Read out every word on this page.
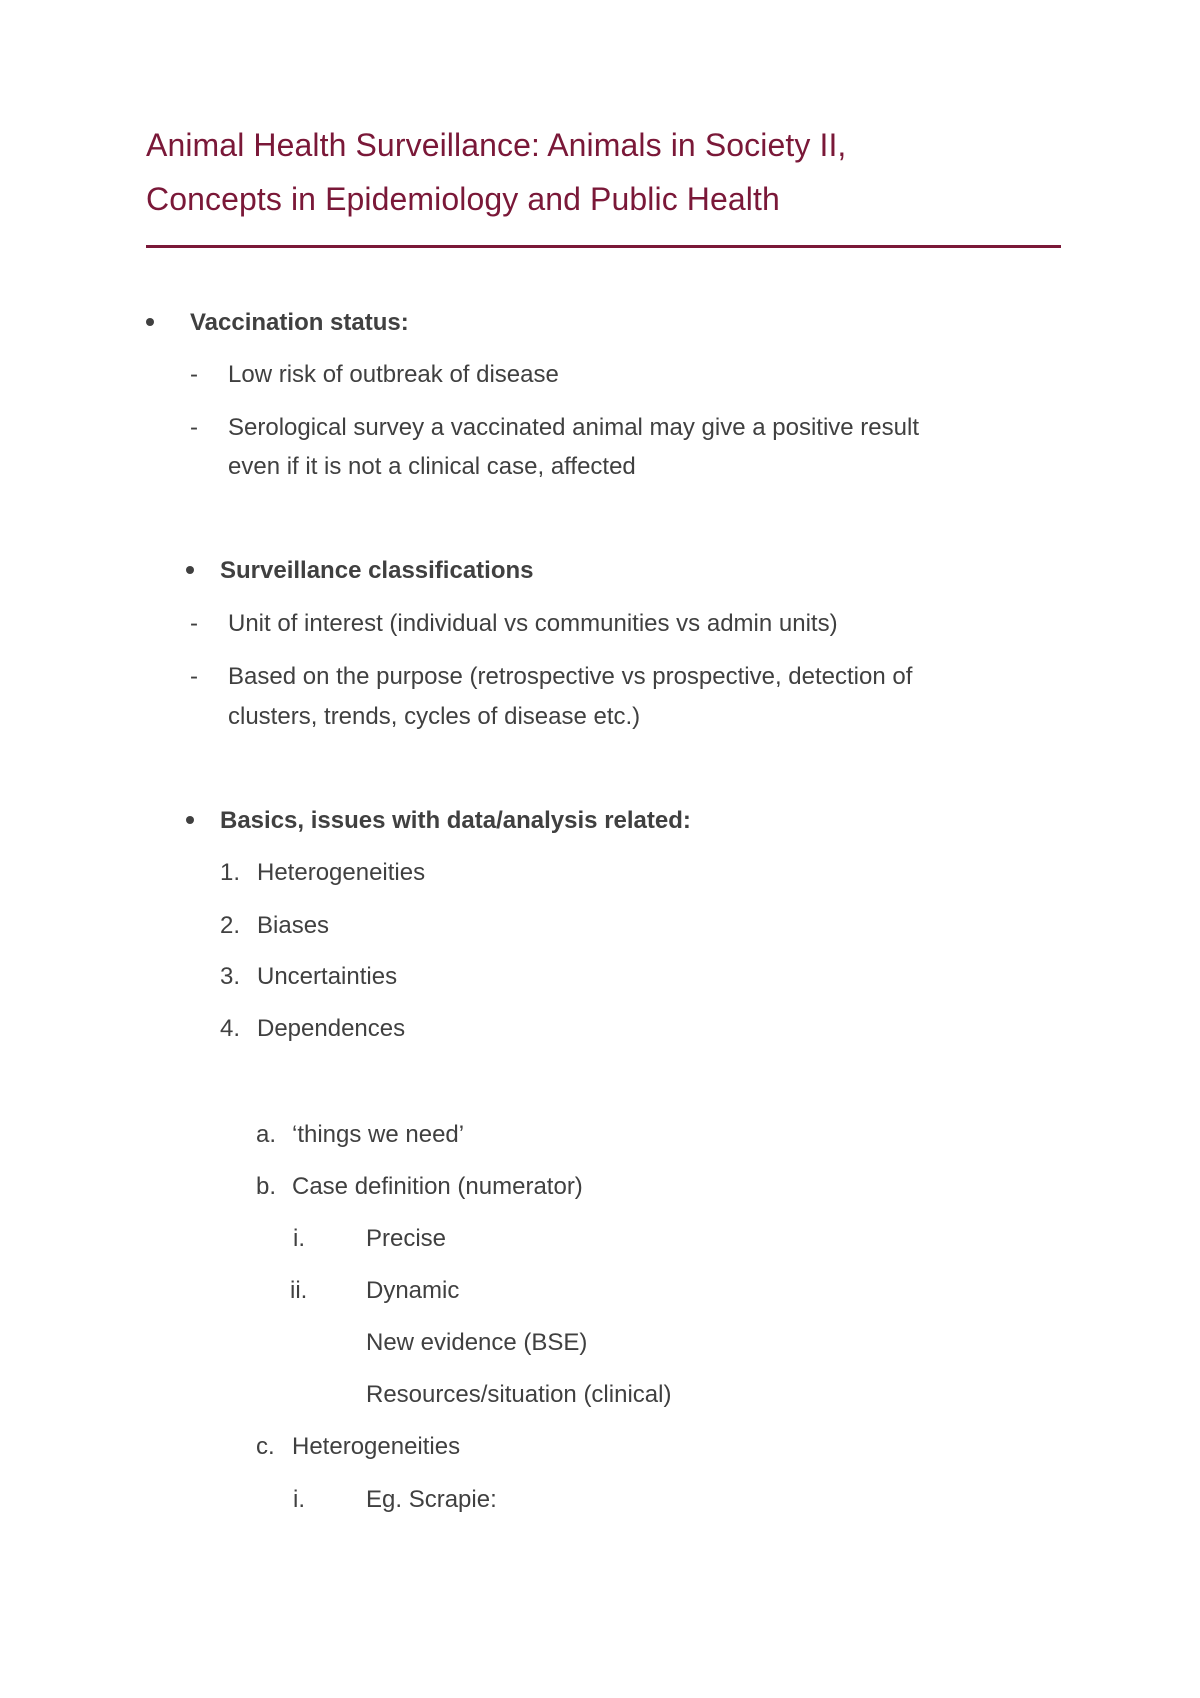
Animal Health Surveillance: Animals in Society II,
Concepts in Epidemiology and Public Health
Vaccination status:
- Low risk of outbreak of disease
- Serological survey a vaccinated animal may give a positive result
even if it is not a clinical case, affected
Surveillance classifications
- Unit of interest (individual vs communities vs admin units)
- Based on the purpose (retrospective vs prospective, detection of
clusters, trends, cycles of disease etc.)
Basics, issues with data/analysis related:
1. Heterogeneities
2. Biases
3. Uncertainties
4. Dependences
a. ‘things we need’
b. Case definition (numerator)
i.	Precise
ii. Dynamic
New evidence (BSE)
Resources/situation (clinical)
c. Heterogeneities
i.	Eg. Scrapie:
